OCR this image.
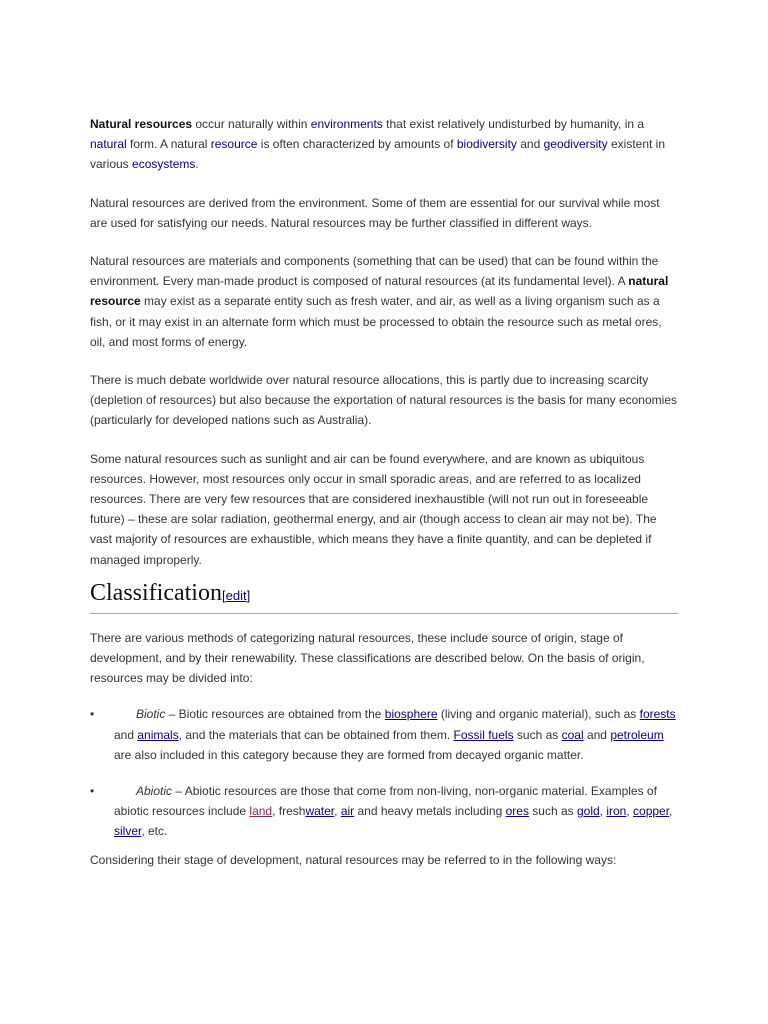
Natural resources occur naturally within environments that exist relatively undisturbed by humanity, in a natural form. A natural resource is often characterized by amounts of biodiversity and geodiversity existent in various ecosystems.

Natural resources are derived from the environment. Some of them are essential for our survival while most are used for satisfying our needs. Natural resources may be further classified in different ways.

Natural resources are materials and components (something that can be used) that can be found within the environment. Every man-made product is composed of natural resources (at its fundamental level). A natural resource may exist as a separate entity such as fresh water, and air, as well as a living organism such as a fish, or it may exist in an alternate form which must be processed to obtain the resource such as metal ores, oil, and most forms of energy.

There is much debate worldwide over natural resource allocations, this is partly due to increasing scarcity (depletion of resources) but also because the exportation of natural resources is the basis for many economies (particularly for developed nations such as Australia).

Some natural resources such as sunlight and air can be found everywhere, and are known as ubiquitous resources. However, most resources only occur in small sporadic areas, and are referred to as localized resources. There are very few resources that are considered inexhaustible (will not run out in foreseeable future) – these are solar radiation, geothermal energy, and air (though access to clean air may not be). The vast majority of resources are exhaustible, which means they have a finite quantity, and can be depleted if managed improperly.

Classification[edit]

There are various methods of categorizing natural resources, these include source of origin, stage of development, and by their renewability. These classifications are described below. On the basis of origin, resources may be divided into:

•	Biotic – Biotic resources are obtained from the biosphere (living and organic material), such as forests and animals, and the materials that can be obtained from them. Fossil fuels such as coal and petroleum are also included in this category because they are formed from decayed organic matter.

•	Abiotic – Abiotic resources are those that come from non-living, non-organic material. Examples of abiotic resources include land, freshwater, air and heavy metals including ores such as gold, iron, copper, silver, etc.

Considering their stage of development, natural resources may be referred to in the following ways:
